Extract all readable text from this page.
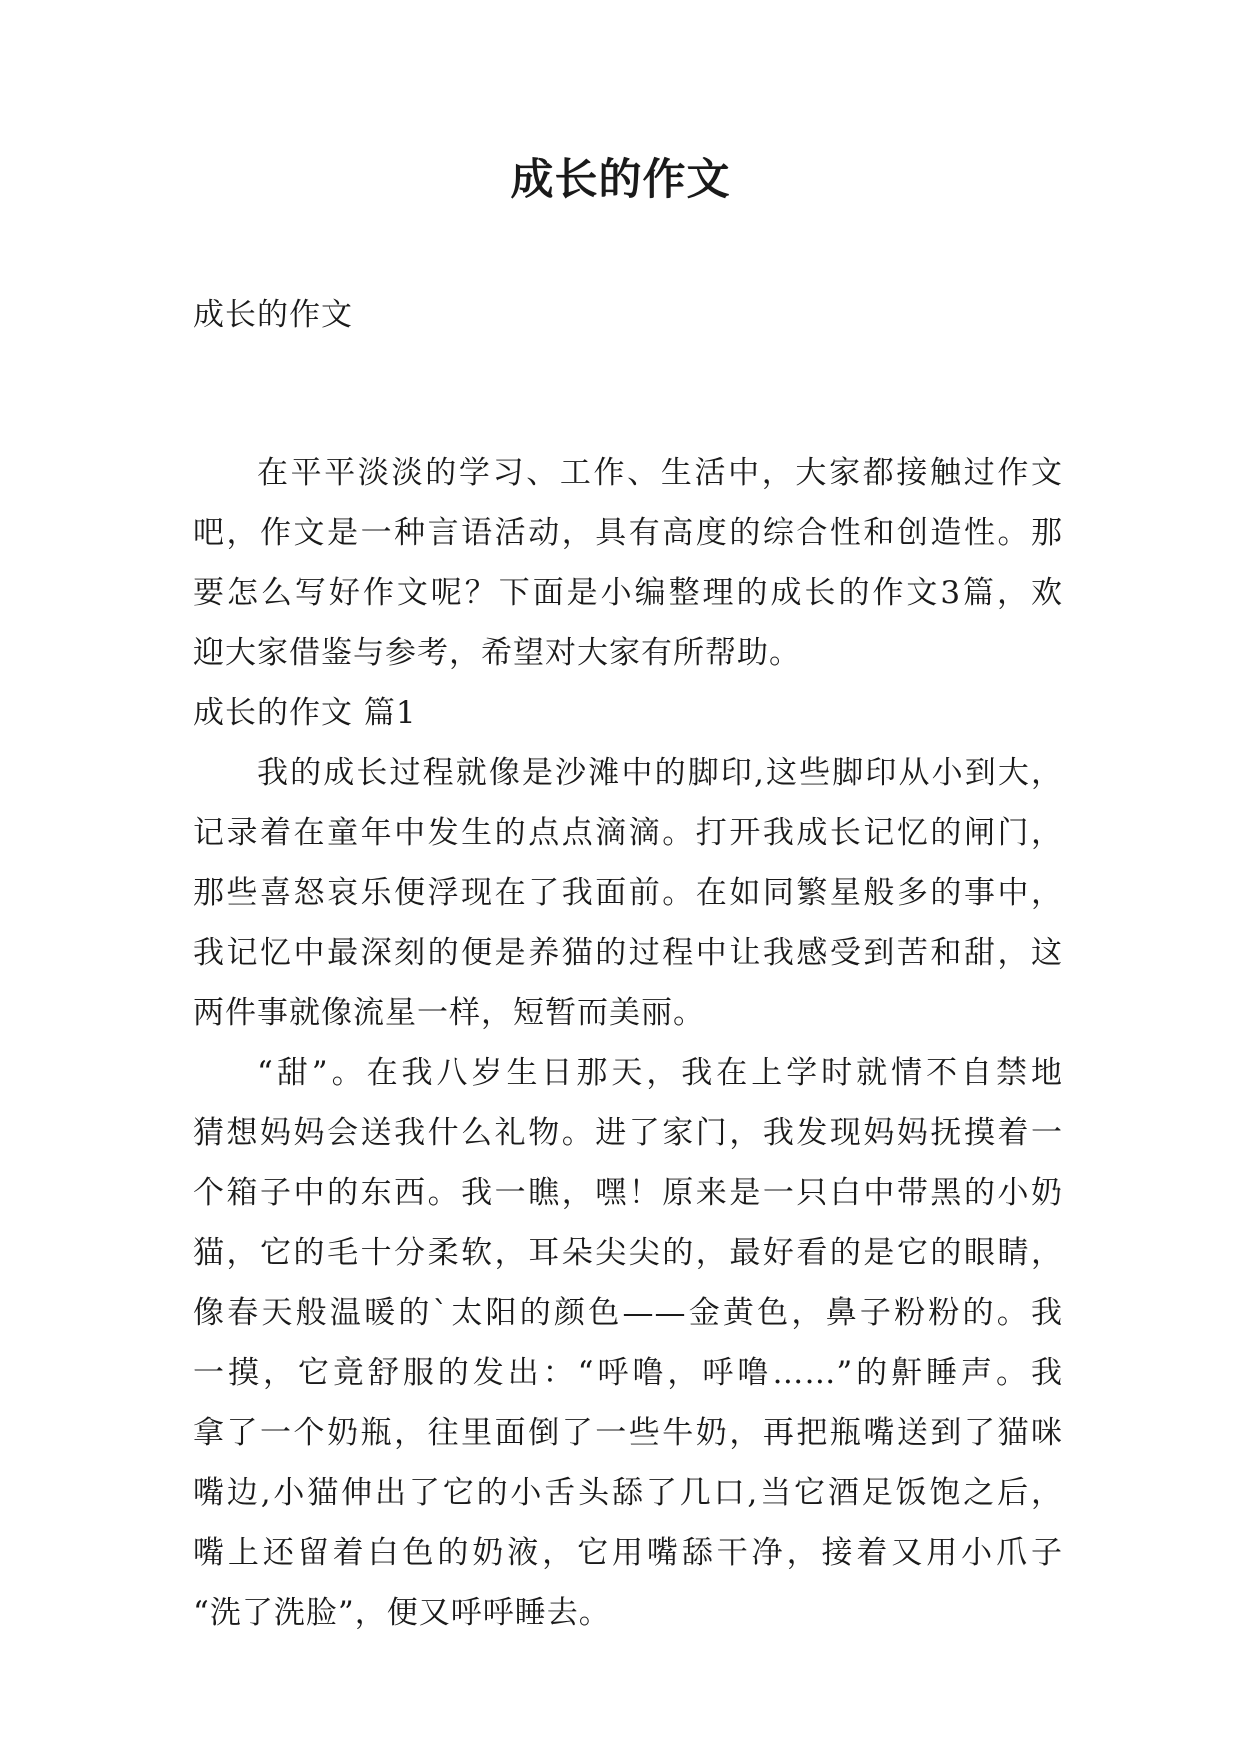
成长的作文
成长的作文
在平平淡淡的学习、工作、生活中，大家都接触过作文
吧，作文是一种言语活动，具有高度的综合性和创造性。那
要怎么写好作文呢？下面是小编整理的成长的作文3篇，欢
迎大家借鉴与参考，希望对大家有所帮助。
成长的作文 篇1
我的成长过程就像是沙滩中的脚印,这些脚印从小到大，
记录着在童年中发生的点点滴滴。打开我成长记忆的闸门，
那些喜怒哀乐便浮现在了我面前。在如同繁星般多的事中，
我记忆中最深刻的便是养猫的过程中让我感受到苦和甜，这
两件事就像流星一样，短暂而美丽。
“甜”。在我八岁生日那天，我在上学时就情不自禁地
猜想妈妈会送我什么礼物。进了家门，我发现妈妈抚摸着一
个箱子中的东西。我一瞧，嘿！原来是一只白中带黑的小奶
猫，它的毛十分柔软，耳朵尖尖的，最好看的是它的眼睛，
像春天般温暖的`太阳的颜色——金黄色，鼻子粉粉的。我
一摸，它竟舒服的发出：“呼噜，呼噜……”的鼾睡声。我
拿了一个奶瓶，往里面倒了一些牛奶，再把瓶嘴送到了猫咪
嘴边,小猫伸出了它的小舌头舔了几口,当它酒足饭饱之后，
嘴上还留着白色的奶液，它用嘴舔干净，接着又用小爪子
“洗了洗脸”，便又呼呼睡去。
